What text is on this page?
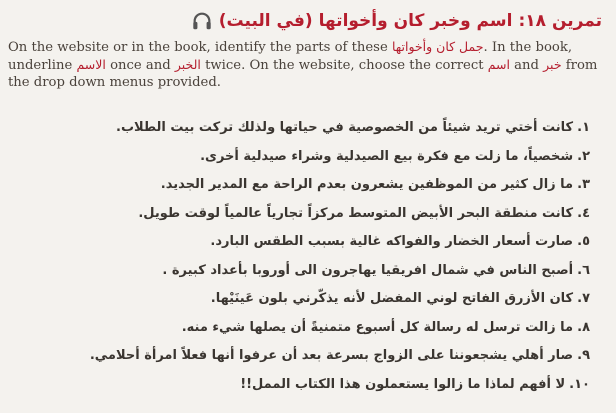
تمرين ١٨:
اسم وخبر كان وأخواتها (في البيت)
On the website or in the book, identify the parts of these جمل كان وأخواتها. In the book, underline الاسم once and الخبر twice. On the website, choose the correct اسم and خبر from the drop down menus provided.
١.كانت أختي تريد شيئاً من الخصوصية في حياتها ولذلك تركت بيت الطلاب.
٢.شخصياً، ما زلت مع فكرة بيع الصيدلية وشراء صيدلية أخرى.
٣.ما زال كثير من الموظفين يشعرون بعدم الراحة مع المدير الجديد.
٤.كانت منطقة البحر الأبيض المتوسط مركزاً تجارياً عالمياً لوقت طويل.
٥.صارت أسعار الخضار والفواكه غالية بسبب الطقس البارد.
٦.أصبح الناس في شمال افريقيا يهاجرون الى أوروبا بأعداد كبيرة .
٧.كان الأزرق الفاتح لوني المفضل لأنه يذكّرني بلون عَينَيْها.
٨.ما زالت ترسل له رسالة كل أسبوع متمنيةً أن يصلها شيء منه.
٩.صار أهلي يشجعوننا على الزواج بسرعة بعد أن عرفوا أنها فعلاً امرأة أحلامي.
١٠.لا أفهم لماذا ما زالوا يستعملون هذا الكتاب الممل!!
